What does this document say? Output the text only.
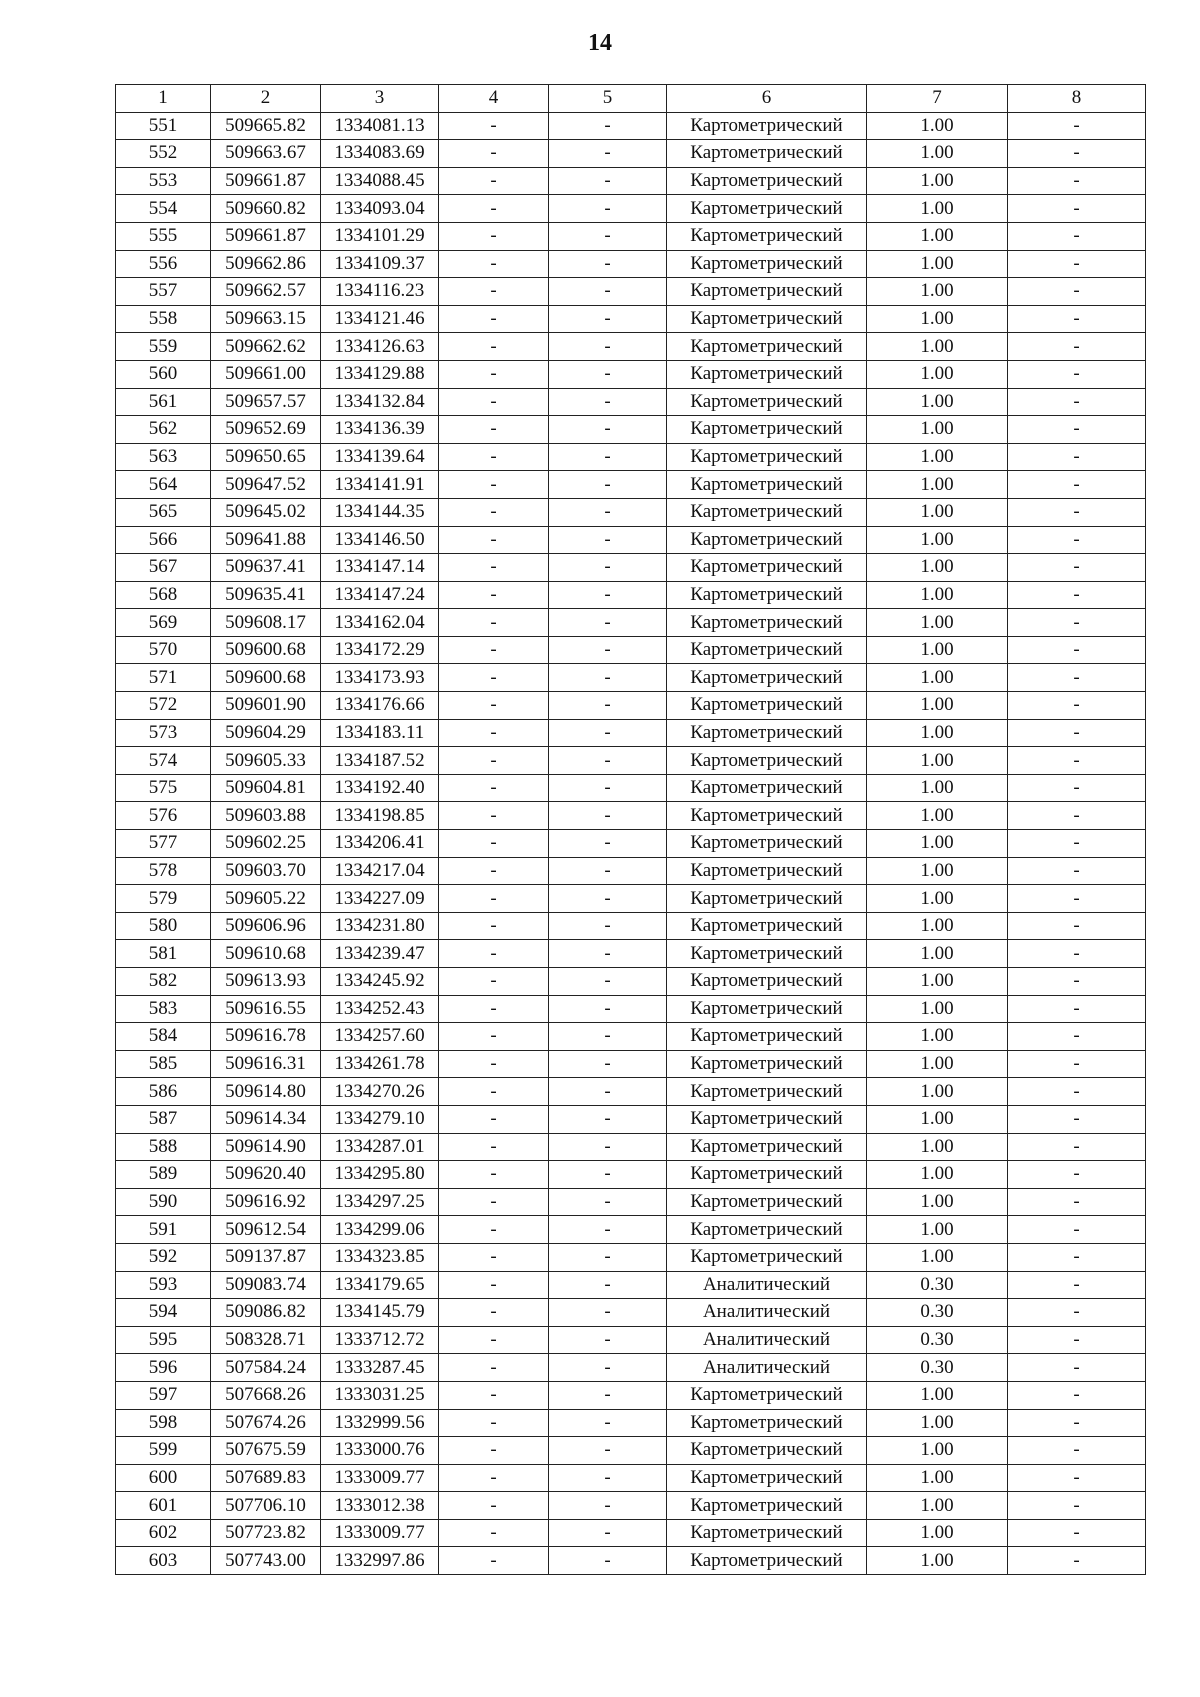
14
1	2	3	4	5	6	7	8
551	509665.82	1334081.13	-	-	Картометрический	1.00	-
552	509663.67	1334083.69	-	-	Картометрический	1.00	-
553	509661.87	1334088.45	-	-	Картометрический	1.00	-
554	509660.82	1334093.04	-	-	Картометрический	1.00	-
555	509661.87	1334101.29	-	-	Картометрический	1.00	-
556	509662.86	1334109.37	-	-	Картометрический	1.00	-
557	509662.57	1334116.23	-	-	Картометрический	1.00	-
558	509663.15	1334121.46	-	-	Картометрический	1.00	-
559	509662.62	1334126.63	-	-	Картометрический	1.00	-
560	509661.00	1334129.88	-	-	Картометрический	1.00	-
561	509657.57	1334132.84	-	-	Картометрический	1.00	-
562	509652.69	1334136.39	-	-	Картометрический	1.00	-
563	509650.65	1334139.64	-	-	Картометрический	1.00	-
564	509647.52	1334141.91	-	-	Картометрический	1.00	-
565	509645.02	1334144.35	-	-	Картометрический	1.00	-
566	509641.88	1334146.50	-	-	Картометрический	1.00	-
567	509637.41	1334147.14	-	-	Картометрический	1.00	-
568	509635.41	1334147.24	-	-	Картометрический	1.00	-
569	509608.17	1334162.04	-	-	Картометрический	1.00	-
570	509600.68	1334172.29	-	-	Картометрический	1.00	-
571	509600.68	1334173.93	-	-	Картометрический	1.00	-
572	509601.90	1334176.66	-	-	Картометрический	1.00	-
573	509604.29	1334183.11	-	-	Картометрический	1.00	-
574	509605.33	1334187.52	-	-	Картометрический	1.00	-
575	509604.81	1334192.40	-	-	Картометрический	1.00	-
576	509603.88	1334198.85	-	-	Картометрический	1.00	-
577	509602.25	1334206.41	-	-	Картометрический	1.00	-
578	509603.70	1334217.04	-	-	Картометрический	1.00	-
579	509605.22	1334227.09	-	-	Картометрический	1.00	-
580	509606.96	1334231.80	-	-	Картометрический	1.00	-
581	509610.68	1334239.47	-	-	Картометрический	1.00	-
582	509613.93	1334245.92	-	-	Картометрический	1.00	-
583	509616.55	1334252.43	-	-	Картометрический	1.00	-
584	509616.78	1334257.60	-	-	Картометрический	1.00	-
585	509616.31	1334261.78	-	-	Картометрический	1.00	-
586	509614.80	1334270.26	-	-	Картометрический	1.00	-
587	509614.34	1334279.10	-	-	Картометрический	1.00	-
588	509614.90	1334287.01	-	-	Картометрический	1.00	-
589	509620.40	1334295.80	-	-	Картометрический	1.00	-
590	509616.92	1334297.25	-	-	Картометрический	1.00	-
591	509612.54	1334299.06	-	-	Картометрический	1.00	-
592	509137.87	1334323.85	-	-	Картометрический	1.00	-
593	509083.74	1334179.65	-	-	Аналитический	0.30	-
594	509086.82	1334145.79	-	-	Аналитический	0.30	-
595	508328.71	1333712.72	-	-	Аналитический	0.30	-
596	507584.24	1333287.45	-	-	Аналитический	0.30	-
597	507668.26	1333031.25	-	-	Картометрический	1.00	-
598	507674.26	1332999.56	-	-	Картометрический	1.00	-
599	507675.59	1333000.76	-	-	Картометрический	1.00	-
600	507689.83	1333009.77	-	-	Картометрический	1.00	-
601	507706.10	1333012.38	-	-	Картометрический	1.00	-
602	507723.82	1333009.77	-	-	Картометрический	1.00	-
603	507743.00	1332997.86	-	-	Картометрический	1.00	-
